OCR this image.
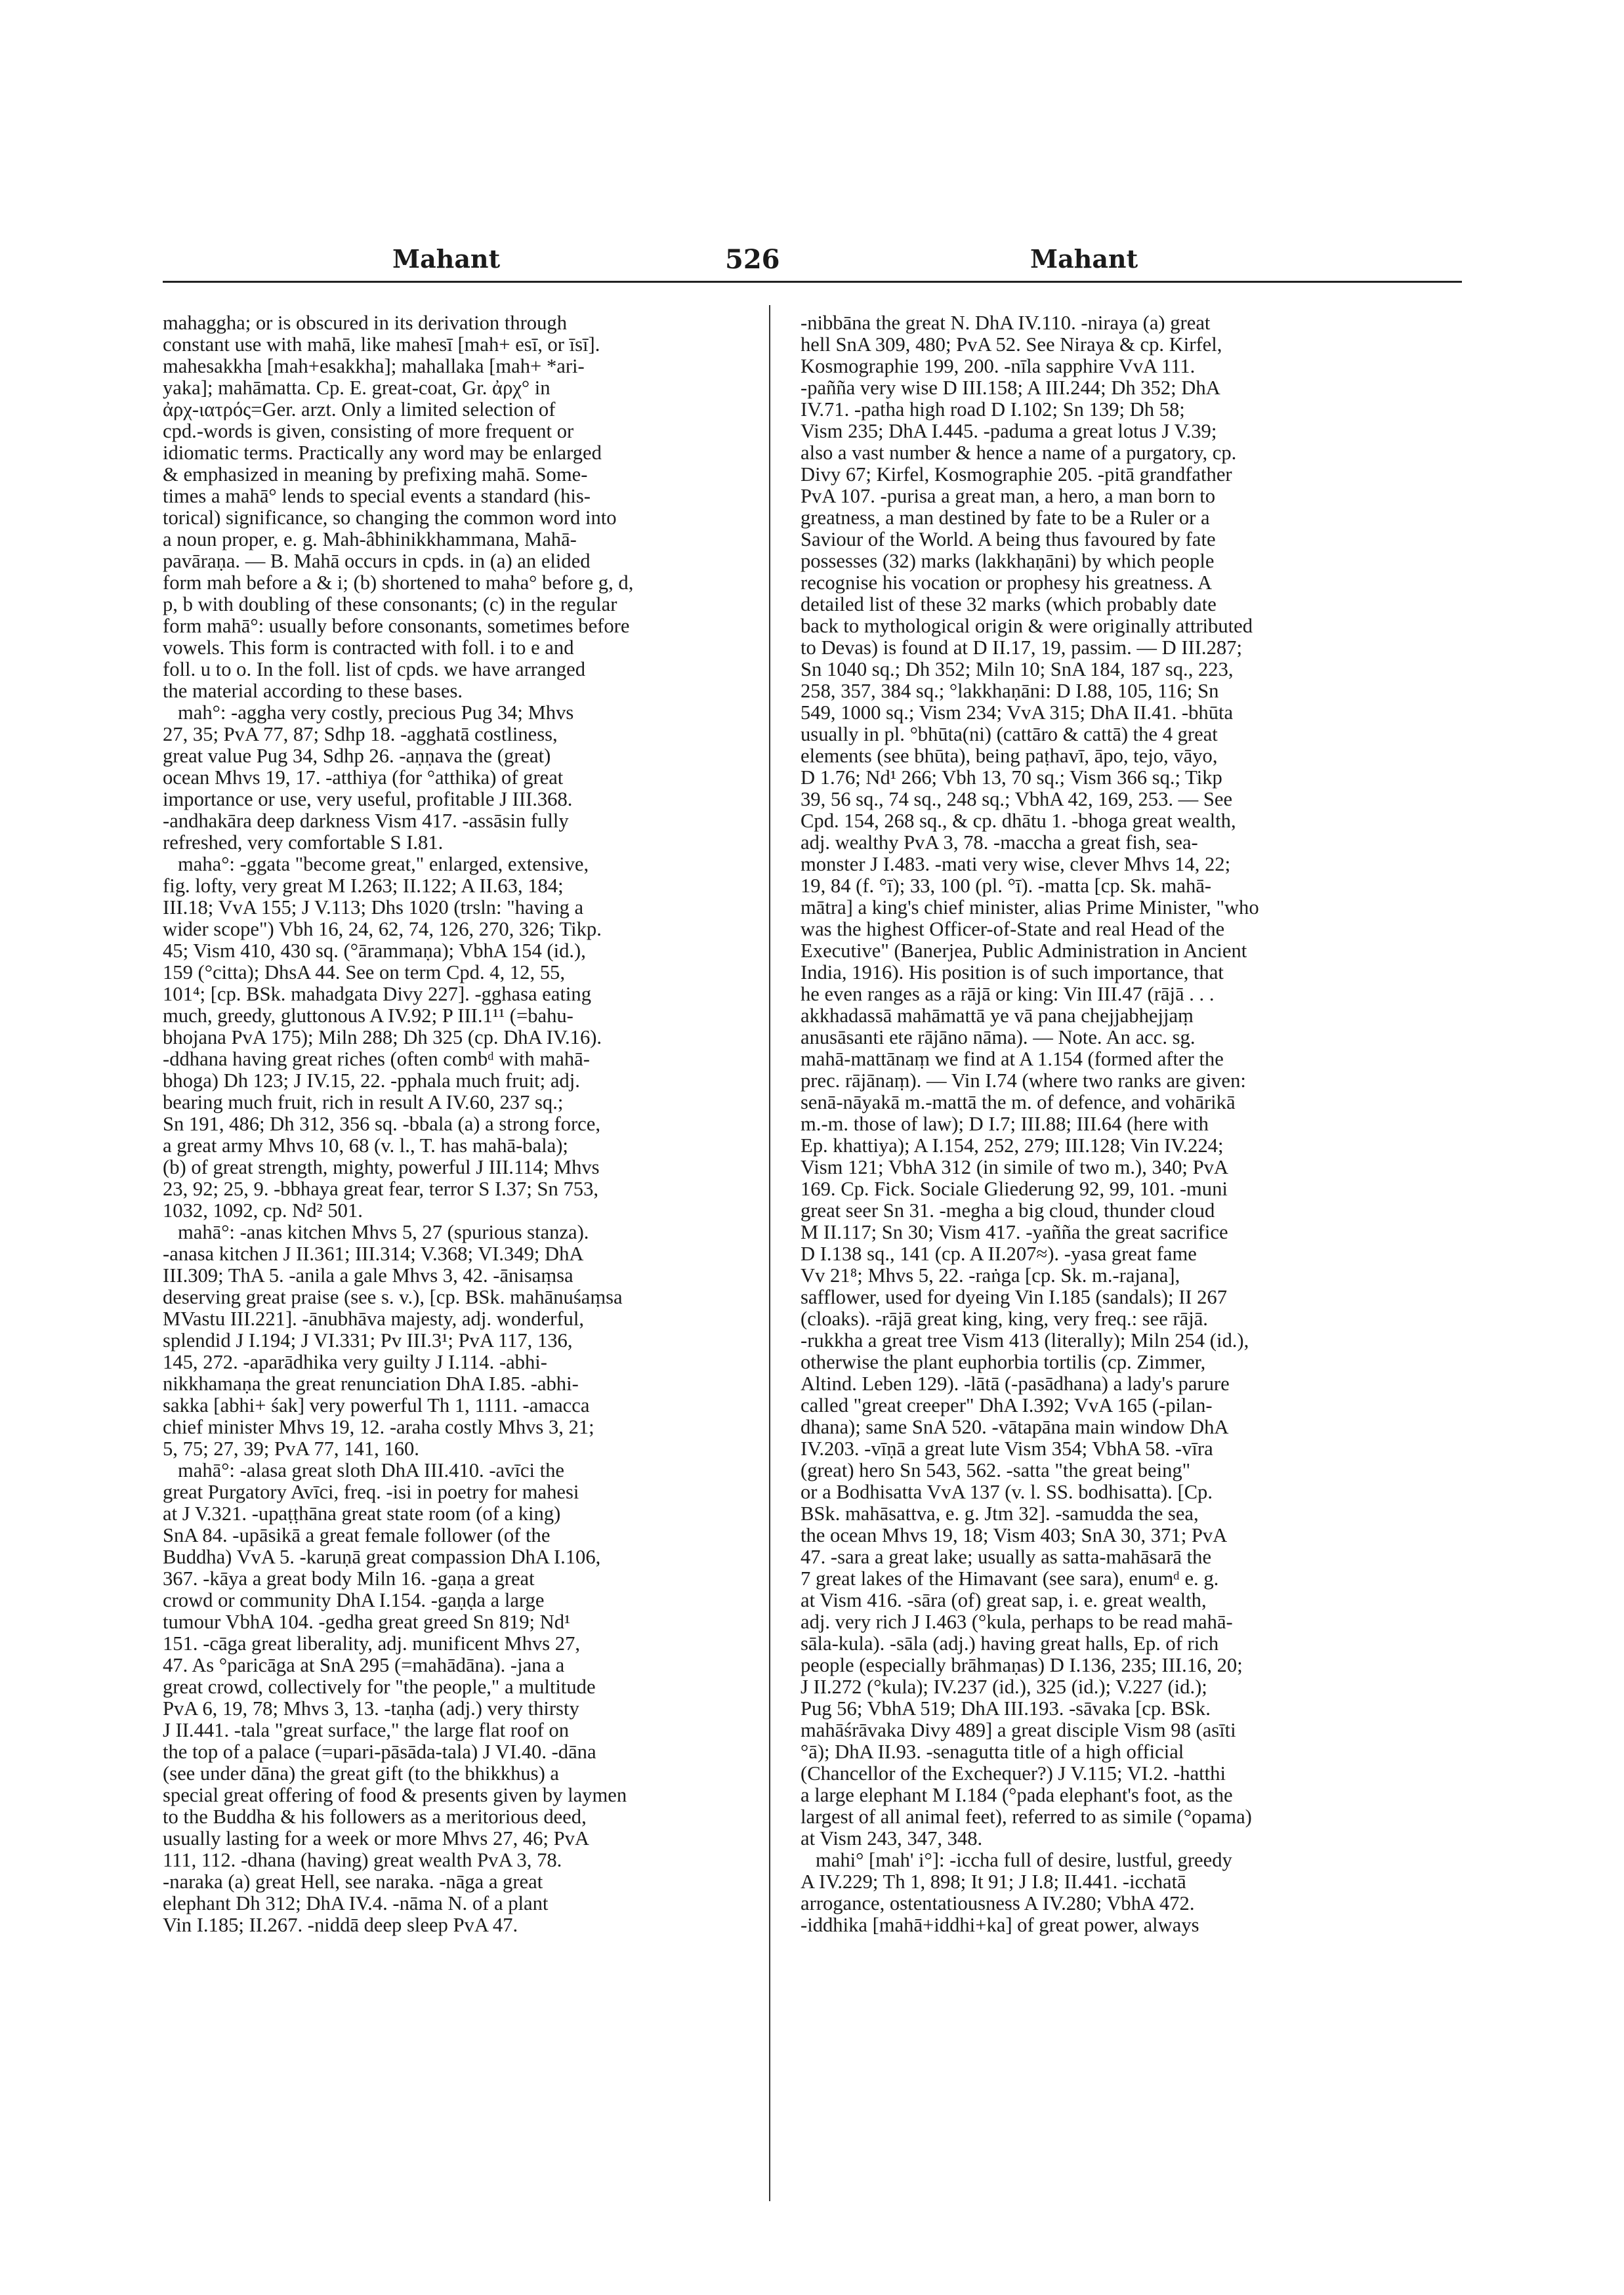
Mahant	526	Mahant
mahaggha; or is obscured in its derivation through
constant use with mahā, like mahesī [mah+ esī, or īsī].
mahesakkha [mah+esakkha]; mahallaka [mah+ *ari-
yaka]; mahāmatta. Cp. E. great-coat, Gr. ἀρχ° in
ἀρχ-ιατρός=Ger. arzt. Only a limited selection of
cpd.-words is given, consisting of more frequent or
idiomatic terms. Practically any word may be enlarged
& emphasized in meaning by prefixing mahā. Some-
times a mahā° lends to special events a standard (his-
torical) significance, so changing the common word into
a noun proper, e. g. Mah-âbhinikkhammana, Mahā-
pavāraṇa. — B. Mahā occurs in cpds. in (a) an elided
form mah before a & i; (b) shortened to maha° before g, d,
p, b with doubling of these consonants; (c) in the regular
form mahā°: usually before consonants, sometimes before
vowels. This form is contracted with foll. i to e and
foll. u to o. In the foll. list of cpds. we have arranged
the material according to these bases.
mah°: -aggha very costly, precious Pug 34; Mhvs
27, 35; PvA 77, 87; Sdhp 18. -agghatā costliness,
great value Pug 34, Sdhp 26. -aṇṇava the (great)
ocean Mhvs 19, 17. -atthiya (for °atthika) of great
importance or use, very useful, profitable J III.368.
-andhakāra deep darkness Vism 417. -assāsin fully
refreshed, very comfortable S I.81.
maha°: -ggata "become great," enlarged, extensive,
fig. lofty, very great M I.263; II.122; A II.63, 184;
III.18; VvA 155; J V.113; Dhs 1020 (trsln: "having a
wider scope") Vbh 16, 24, 62, 74, 126, 270, 326; Tikp.
45; Vism 410, 430 sq. (°ārammaṇa); VbhA 154 (id.),
159 (°citta); DhsA 44. See on term Cpd. 4, 12, 55,
101⁴; [cp. BSk. mahadgata Divy 227]. -gghasa eating
much, greedy, gluttonous A IV.92; P III.1¹¹ (=bahu-
bhojana PvA 175); Miln 288; Dh 325 (cp. DhA IV.16).
-ddhana having great riches (often combᵈ with mahā-
bhoga) Dh 123; J IV.15, 22. -pphala much fruit; adj.
bearing much fruit, rich in result A IV.60, 237 sq.;
Sn 191, 486; Dh 312, 356 sq. -bbala (a) a strong force,
a great army Mhvs 10, 68 (v. l., T. has mahā-bala);
(b) of great strength, mighty, powerful J III.114; Mhvs
23, 92; 25, 9. -bbhaya great fear, terror S I.37; Sn 753,
1032, 1092, cp. Nd² 501.
mahā°: -anas kitchen Mhvs 5, 27 (spurious stanza).
-anasa kitchen J II.361; III.314; V.368; VI.349; DhA
III.309; ThA 5. -anila a gale Mhvs 3, 42. -ānisaṃsa
deserving great praise (see s. v.), [cp. BSk. mahānuśaṃsa
MVastu III.221]. -ānubhāva majesty, adj. wonderful,
splendid J I.194; J VI.331; Pv III.3¹; PvA 117, 136,
145, 272. -aparādhika very guilty J I.114. -abhi-
nikkhamaṇa the great renunciation DhA I.85. -abhi-
sakka [abhi+ śak] very powerful Th 1, 1111. -amacca
chief minister Mhvs 19, 12. -araha costly Mhvs 3, 21;
5, 75; 27, 39; PvA 77, 141, 160.
mahā°: -alasa great sloth DhA III.410. -avīci the
great Purgatory Avīci, freq. -isi in poetry for mahesi
at J V.321. -upaṭṭhāna great state room (of a king)
SnA 84. -upāsikā a great female follower (of the
Buddha) VvA 5. -karuṇā great compassion DhA I.106,
367. -kāya a great body Miln 16. -gaṇa a great
crowd or community DhA I.154. -gaṇḍa a large
tumour VbhA 104. -gedha great greed Sn 819; Nd¹
151. -cāga great liberality, adj. munificent Mhvs 27,
47. As °paricāga at SnA 295 (=mahādāna). -jana a
great crowd, collectively for "the people," a multitude
PvA 6, 19, 78; Mhvs 3, 13. -taṇha (adj.) very thirsty
J II.441. -tala "great surface," the large flat roof on
the top of a palace (=upari-pāsāda-tala) J VI.40. -dāna
(see under dāna) the great gift (to the bhikkhus) a
special great offering of food & presents given by laymen
to the Buddha & his followers as a meritorious deed,
usually lasting for a week or more Mhvs 27, 46; PvA
111, 112. -dhana (having) great wealth PvA 3, 78.
-naraka (a) great Hell, see naraka. -nāga a great
elephant Dh 312; DhA IV.4. -nāma N. of a plant
Vin I.185; II.267. -niddā deep sleep PvA 47.
-nibbāna the great N. DhA IV.110. -niraya (a) great
hell SnA 309, 480; PvA 52. See Niraya & cp. Kirfel,
Kosmographie 199, 200. -nīla sapphire VvA 111.
-pañña very wise D III.158; A III.244; Dh 352; DhA
IV.71. -patha high road D I.102; Sn 139; Dh 58;
Vism 235; DhA I.445. -paduma a great lotus J V.39;
also a vast number & hence a name of a purgatory, cp.
Divy 67; Kirfel, Kosmographie 205. -pitā grandfather
PvA 107. -purisa a great man, a hero, a man born to
greatness, a man destined by fate to be a Ruler or a
Saviour of the World. A being thus favoured by fate
possesses (32) marks (lakkhaṇāni) by which people
recognise his vocation or prophesy his greatness. A
detailed list of these 32 marks (which probably date
back to mythological origin & were originally attributed
to Devas) is found at D II.17, 19, passim. — D III.287;
Sn 1040 sq.; Dh 352; Miln 10; SnA 184, 187 sq., 223,
258, 357, 384 sq.; °lakkhaṇāni: D I.88, 105, 116; Sn
549, 1000 sq.; Vism 234; VvA 315; DhA II.41. -bhūta
usually in pl. °bhūta(ni) (cattāro & cattā) the 4 great
elements (see bhūta), being paṭhavī, āpo, tejo, vāyo,
D 1.76; Nd¹ 266; Vbh 13, 70 sq.; Vism 366 sq.; Tikp
39, 56 sq., 74 sq., 248 sq.; VbhA 42, 169, 253. — See
Cpd. 154, 268 sq., & cp. dhātu 1. -bhoga great wealth,
adj. wealthy PvA 3, 78. -maccha a great fish, sea-
monster J I.483. -mati very wise, clever Mhvs 14, 22;
19, 84 (f. °ī); 33, 100 (pl. °ī). -matta [cp. Sk. mahā-
mātra] a king's chief minister, alias Prime Minister, "who
was the highest Officer-of-State and real Head of the
Executive" (Banerjea, Public Administration in Ancient
India, 1916). His position is of such importance, that
he even ranges as a rājā or king: Vin III.47 (rājā . . .
akkhadassā mahāmattā ye vā pana chejjabhejjaṃ
anusāsanti ete rājāno nāma). — Note. An acc. sg.
mahā-mattānaṃ we find at A 1.154 (formed after the
prec. rājānaṃ). — Vin I.74 (where two ranks are given:
senā-nāyakā m.-mattā the m. of defence, and vohārikā
m.-m. those of law); D I.7; III.88; III.64 (here with
Ep. khattiya); A I.154, 252, 279; III.128; Vin IV.224;
Vism 121; VbhA 312 (in simile of two m.), 340; PvA
169. Cp. Fick. Sociale Gliederung 92, 99, 101. -muni
great seer Sn 31. -megha a big cloud, thunder cloud
M II.117; Sn 30; Vism 417. -yañña the great sacrifice
D I.138 sq., 141 (cp. A II.207≈). -yasa great fame
Vv 21⁸; Mhvs 5, 22. -raṅga [cp. Sk. m.-rajana],
safflower, used for dyeing Vin I.185 (sandals); II 267
(cloaks). -rājā great king, king, very freq.: see rājā.
-rukkha a great tree Vism 413 (literally); Miln 254 (id.),
otherwise the plant euphorbia tortilis (cp. Zimmer,
Altind. Leben 129). -lātā (-pasādhana) a lady's parure
called "great creeper" DhA I.392; VvA 165 (-pilan-
dhana); same SnA 520. -vātapāna main window DhA
IV.203. -vīṇā a great lute Vism 354; VbhA 58. -vīra
(great) hero Sn 543, 562. -satta "the great being"
or a Bodhisatta VvA 137 (v. l. SS. bodhisatta). [Cp.
BSk. mahāsattva, e. g. Jtm 32]. -samudda the sea,
the ocean Mhvs 19, 18; Vism 403; SnA 30, 371; PvA
47. -sara a great lake; usually as satta-mahāsarā the
7 great lakes of the Himavant (see sara), enumᵈ e. g.
at Vism 416. -sāra (of) great sap, i. e. great wealth,
adj. very rich J I.463 (°kula, perhaps to be read mahā-
sāla-kula). -sāla (adj.) having great halls, Ep. of rich
people (especially brāhmaṇas) D I.136, 235; III.16, 20;
J II.272 (°kula); IV.237 (id.), 325 (id.); V.227 (id.);
Pug 56; VbhA 519; DhA III.193. -sāvaka [cp. BSk.
mahāśrāvaka Divy 489] a great disciple Vism 98 (asīti
°ā); DhA II.93. -senagutta title of a high official
(Chancellor of the Exchequer?) J V.115; VI.2. -hatthi
a large elephant M I.184 (°pada elephant's foot, as the
largest of all animal feet), referred to as simile (°opama)
at Vism 243, 347, 348.
mahi° [mah' i°]: -iccha full of desire, lustful, greedy
A IV.229; Th 1, 898; It 91; J I.8; II.441. -icchatā
arrogance, ostentatiousness A IV.280; VbhA 472.
-iddhika [mahā+iddhi+ka] of great power, always
